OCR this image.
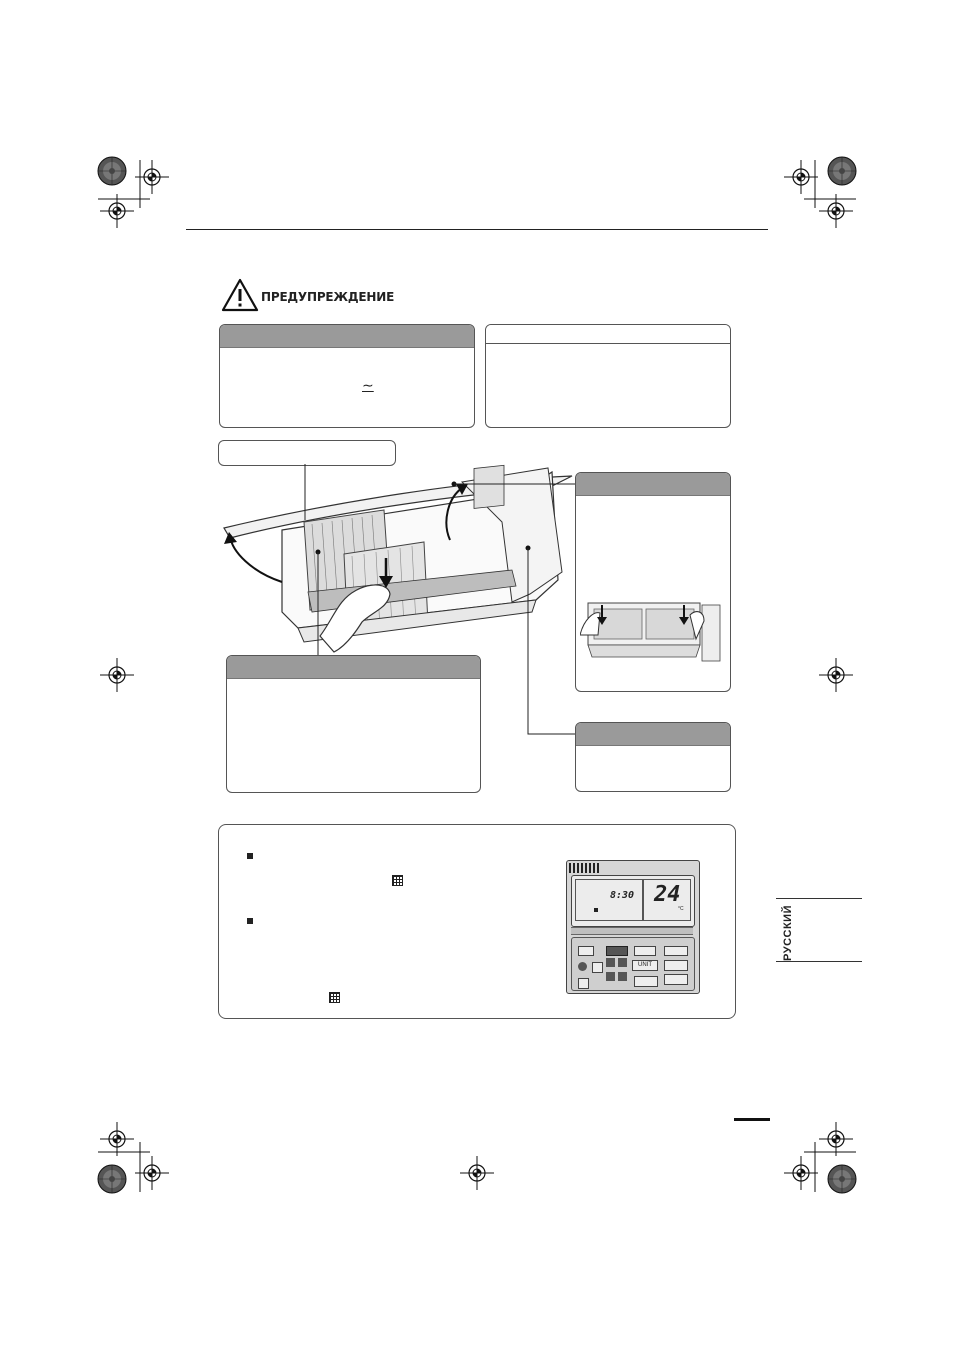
ПРЕДУПРЕЖДЕНИЕ
∼
8:30 24
°C
UNIT
РУССКИЙ
